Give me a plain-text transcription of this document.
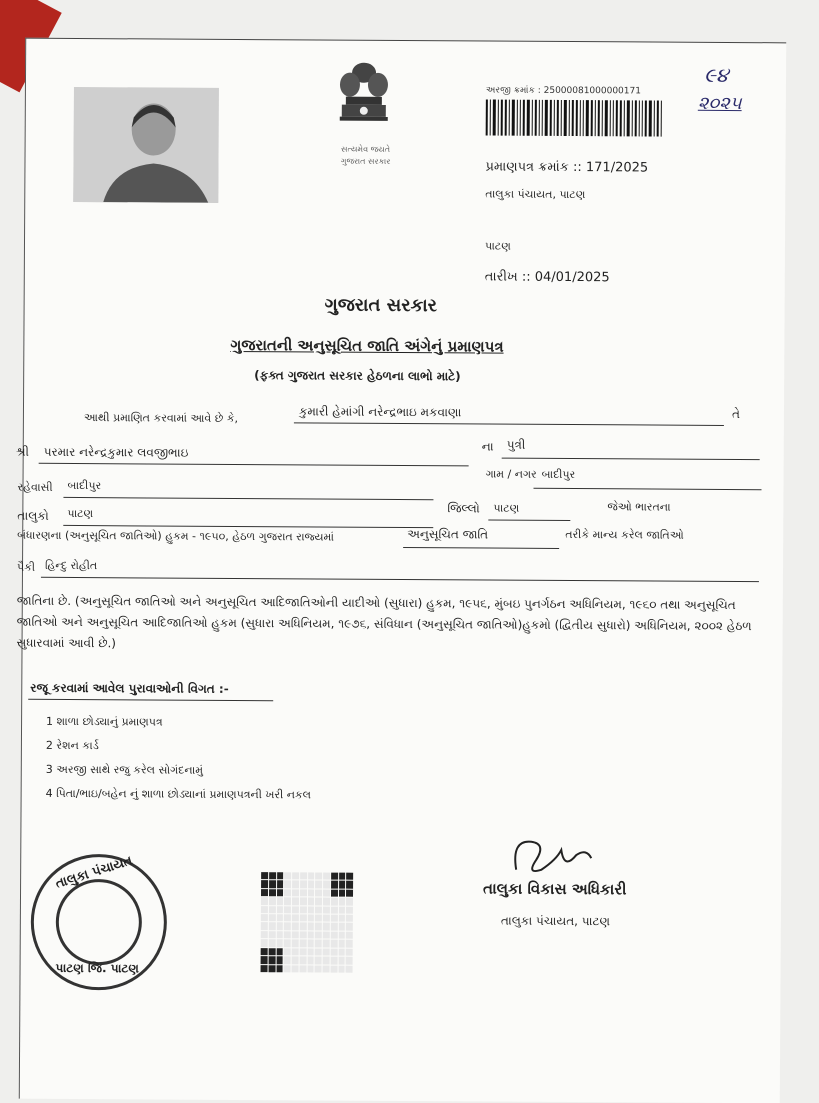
સત્યમેવ જયતે
ગુજરાત સરકાર
અરજી ક્રમાંક : 25000081000000171
૯૪
૨૦૨૫
પ્રમાણપત્ર ક્રમાંક :: 171/2025
તાલુકા પંચાયત, પાટણ
પાટણ
તારીખ :: 04/01/2025
ગુજરાત સરકાર
ગુજરાતની અનુસૂચિત જાતિ અંગેનું પ્રમાણપત્ર
(ફક્ત ગુજરાત સરકાર હેઠળના લાભો માટે)
આથી પ્રમાણિત કરવામાં આવે છે કે,	કુમારી હેમાંગી નરેન્દ્રભાઇ મકવાણા	તે
શ્રી પરમાર નરેન્દ્રકુમાર લવજીભાઇ	ના પુત્રી
ગામ / નગર બાદીપુર
રહેવાસી બાદીપુર
તાલુકો પાટણ	જિલ્લો પાટણ	જેઓ ભારતના
બંધારણના (અનુસૂચિત જાતિઓ) હુકમ - ૧૯૫૦, હેઠળ ગુજરાત રાજ્યમાં	અનુસૂચિત જાતિ	તરીકે માન્ય કરેલ જાતિઓ
પૈકી હિન્દુ રોહીત
જાતિના છે. (અનુસૂચિત જાતિઓ અને અનુસૂચિત આદિજાતિઓની યાદીઓ (સુધારા) હુકમ, ૧૯૫૬, મુંબઇ પુનર્ગઠન અધિનિયમ, ૧૯૬૦ તથા અનુસૂચિત જાતિઓ અને અનુસૂચિત આદિજાતિઓ હુકમ (સુધારા અધિનિયમ, ૧૯૭૬, સંવિધાન (અનુસૂચિત જાતિઓ)હુકમો (દ્વિતીય સુધારો) અધિનિયમ, ૨૦૦૨ હેઠળ સુધારવામાં આવી છે.)
રજૂ કરવામાં આવેલ પુરાવાઓની વિગત :-
1 શાળા છોડ્યાનું પ્રમાણપત્ર
2 રેશન કાર્ડ
3 અરજી સાથે રજુ કરેલ સોગંદનામું
4 પિતા/ભાઇ/બહેન નું શાળા છોડ્યાનાં પ્રમાણપત્રની ખરી નકલ
તાલુકા પંચાયત
પાટણ જિ. પાટણ
તાલુકા વિકાસ અધિકારી
તાલુકા પંચાયત, પાટણ
